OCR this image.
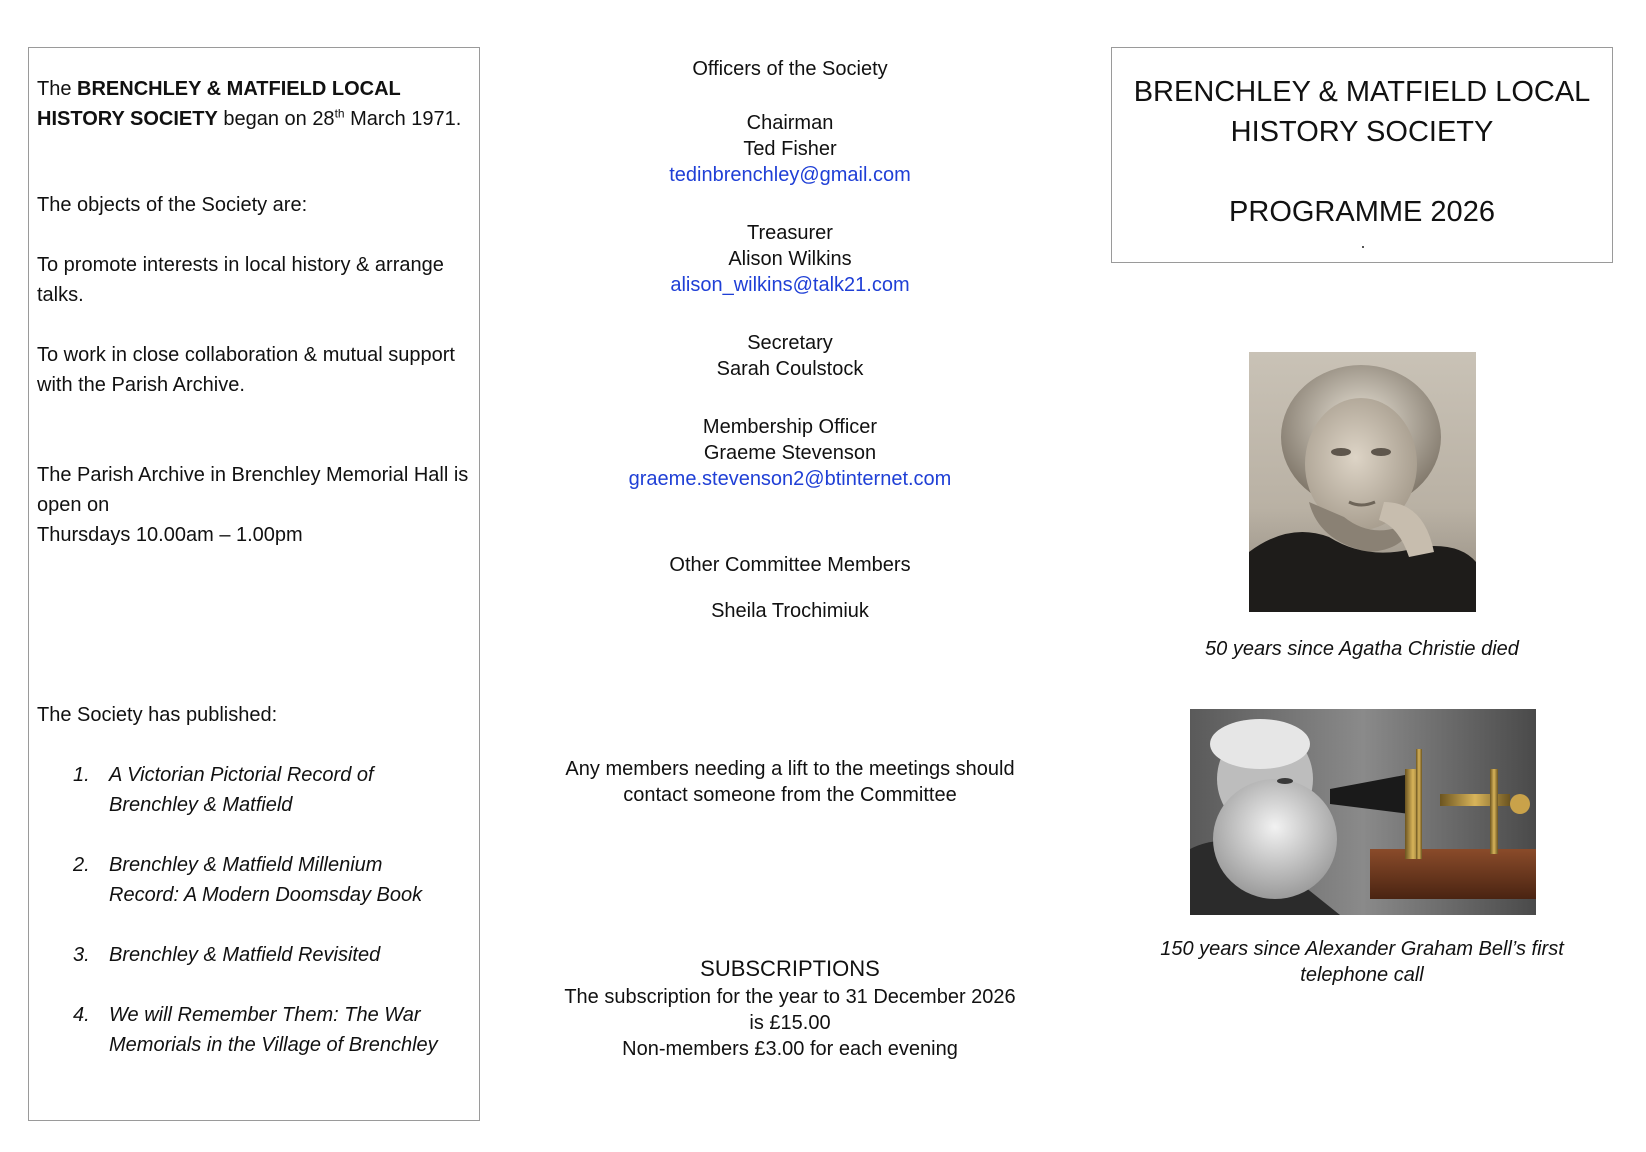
The BRENCHLEY & MATFIELD LOCAL HISTORY SOCIETY began on 28th March 1971.
The objects of the Society are:
To promote interests in local history & arrange talks.
To work in close collaboration & mutual support with the Parish Archive.
The Parish Archive in Brenchley Memorial Hall is open on
Thursdays 10.00am – 1.00pm
The Society has published:
1. A Victorian Pictorial Record of Brenchley & Matfield
2. Brenchley & Matfield Millenium Record: A Modern Doomsday Book
3. Brenchley & Matfield Revisited
4. We will Remember Them: The War Memorials in the Village of Brenchley
Officers of the Society
Chairman
Ted Fisher
tedinbrenchley@gmail.com
Treasurer
Alison Wilkins
alison_wilkins@talk21.com
Secretary
Sarah Coulstock
Membership Officer
Graeme Stevenson
graeme.stevenson2@btinternet.com
Other Committee Members
Sheila Trochimiuk
Any members needing a lift to the meetings should
contact someone from the Committee
SUBSCRIPTIONS
The subscription for the year to 31 December 2026
is £15.00
Non-members £3.00 for each evening
BRENCHLEY & MATFIELD LOCAL
HISTORY SOCIETY
PROGRAMME 2026
50 years since Agatha Christie died
150 years since Alexander Graham Bell’s first
telephone call
